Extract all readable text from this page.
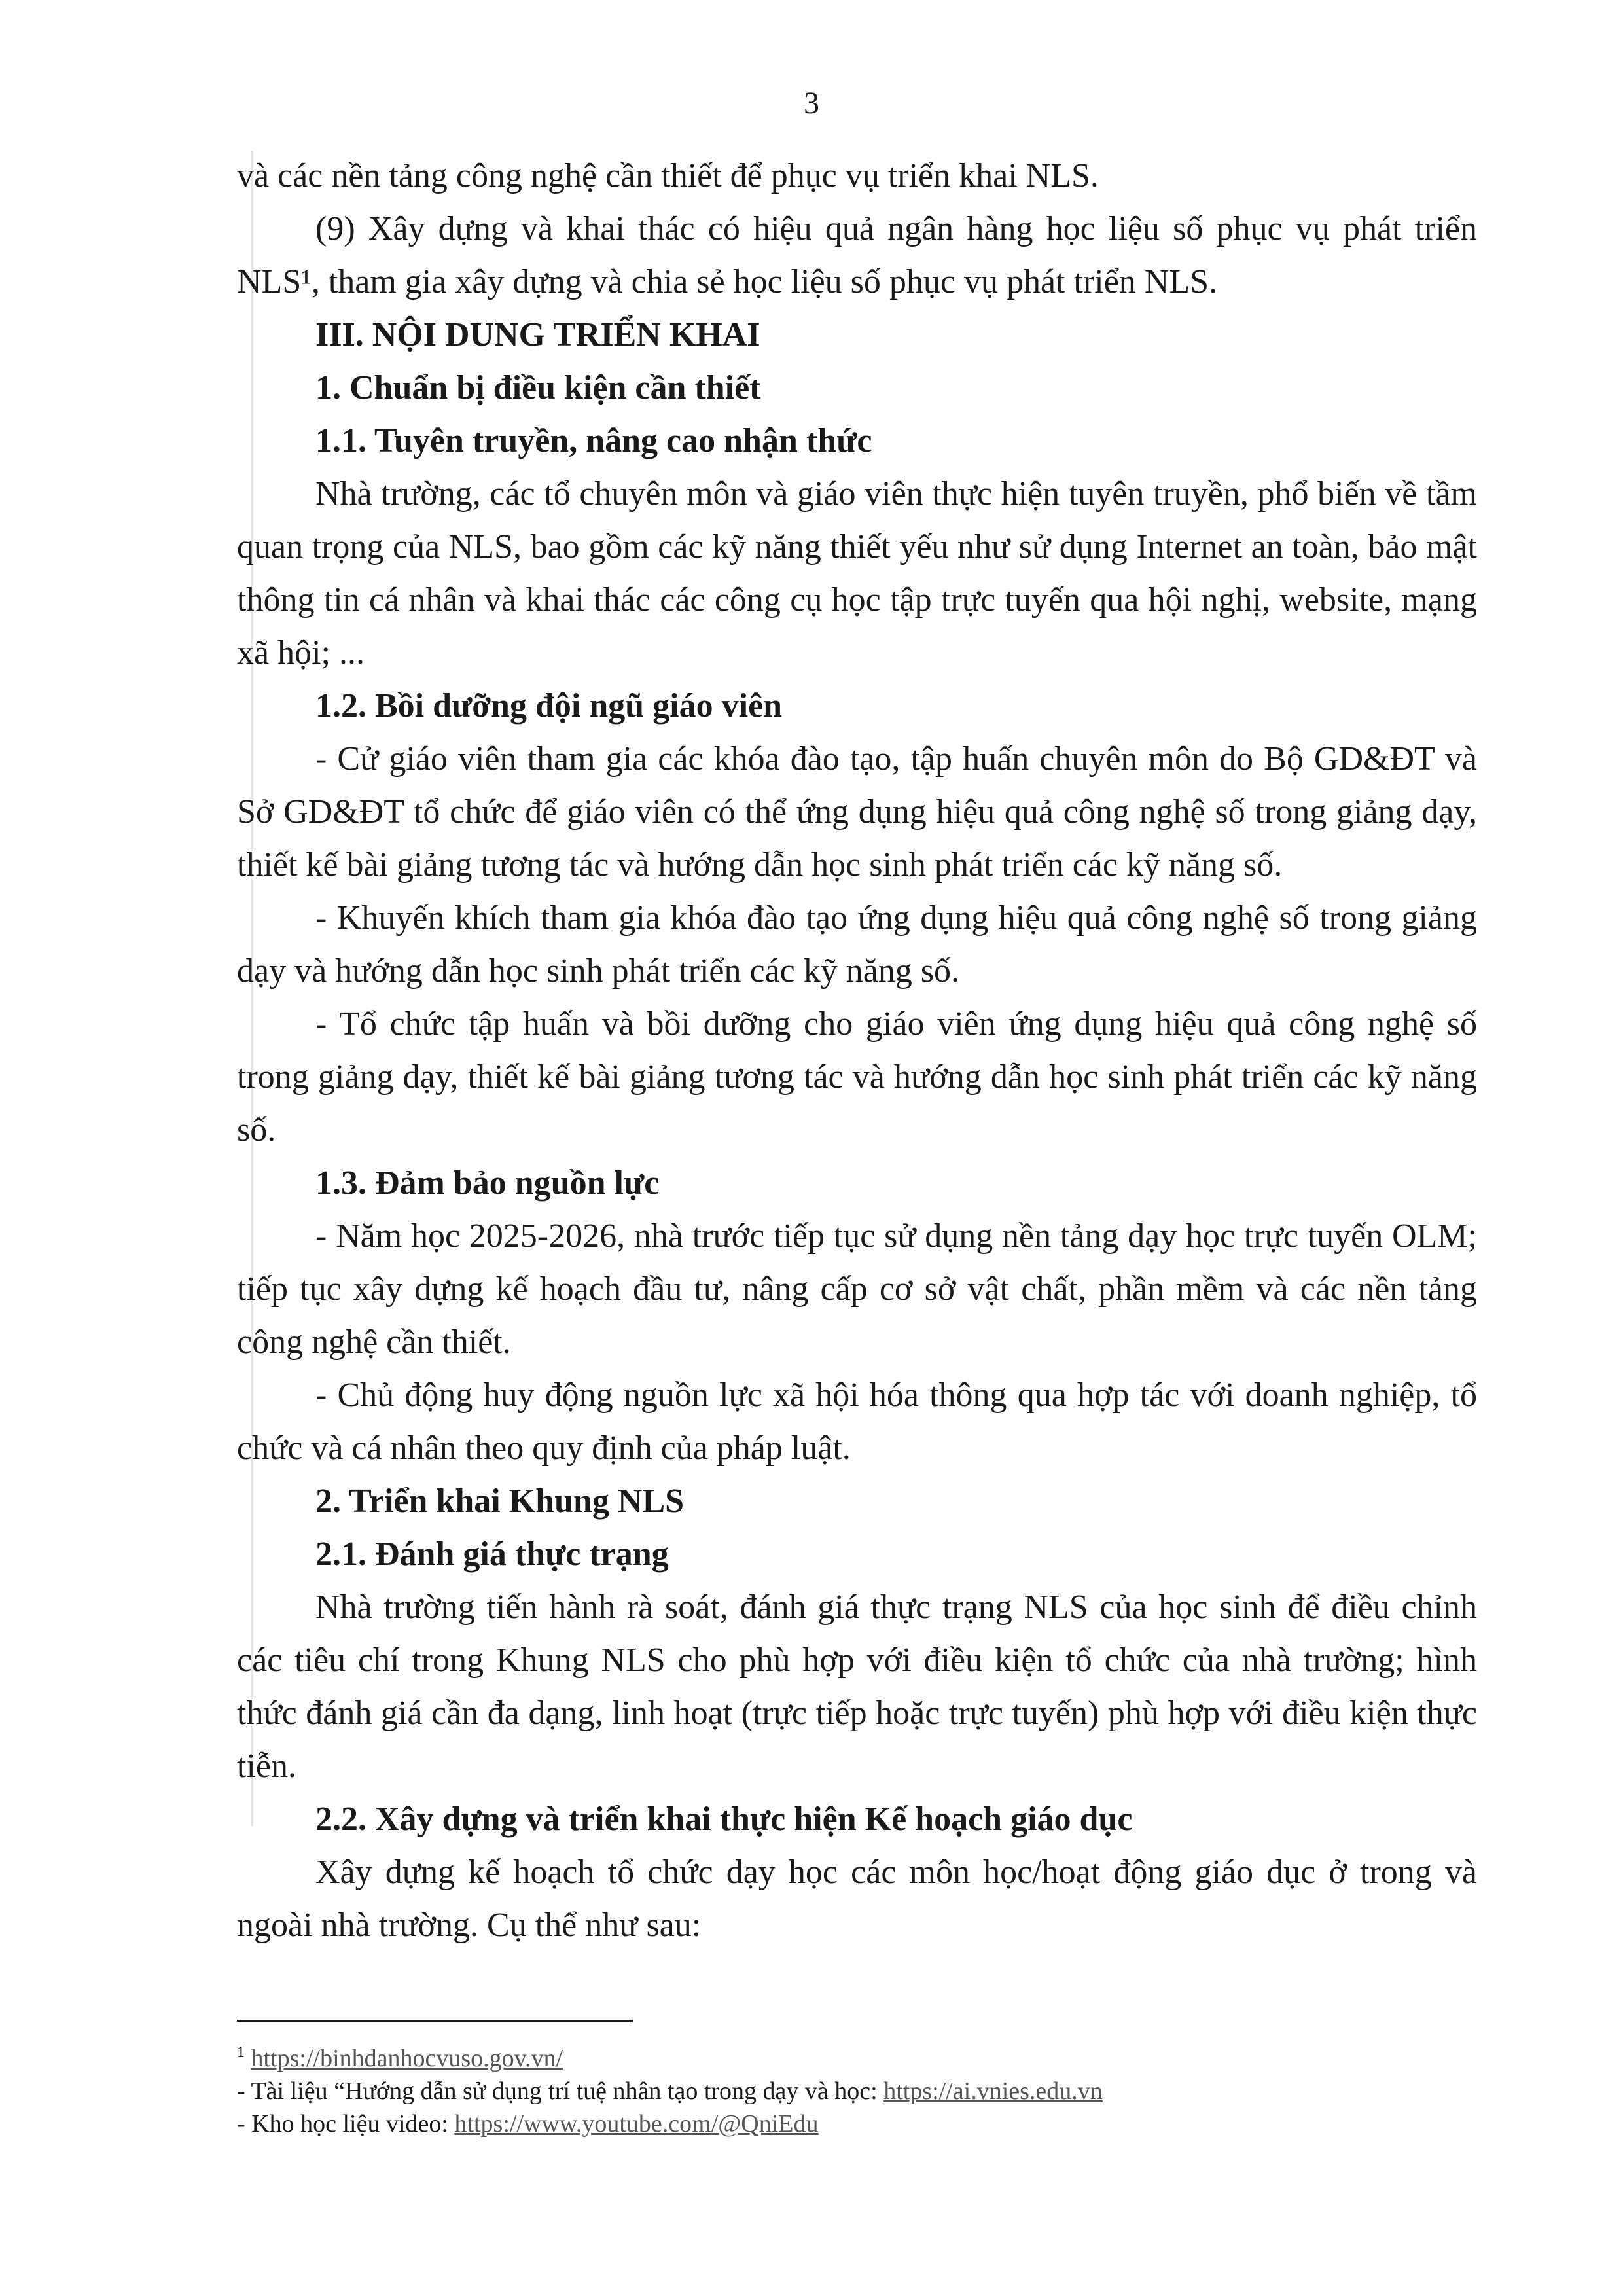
3

và các nền tảng công nghệ cần thiết để phục vụ triển khai NLS.

(9) Xây dựng và khai thác có hiệu quả ngân hàng học liệu số phục vụ phát triển NLS¹, tham gia xây dựng và chia sẻ học liệu số phục vụ phát triển NLS.

III. NỘI DUNG TRIỂN KHAI

1. Chuẩn bị điều kiện cần thiết

1.1. Tuyên truyền, nâng cao nhận thức

Nhà trường, các tổ chuyên môn và giáo viên thực hiện tuyên truyền, phổ biến về tầm quan trọng của NLS, bao gồm các kỹ năng thiết yếu như sử dụng Internet an toàn, bảo mật thông tin cá nhân và khai thác các công cụ học tập trực tuyến qua hội nghị, website, mạng xã hội; ...

1.2. Bồi dưỡng đội ngũ giáo viên

- Cử giáo viên tham gia các khóa đào tạo, tập huấn chuyên môn do Bộ GD&ĐT và Sở GD&ĐT tổ chức để giáo viên có thể ứng dụng hiệu quả công nghệ số trong giảng dạy, thiết kế bài giảng tương tác và hướng dẫn học sinh phát triển các kỹ năng số.

- Khuyến khích tham gia khóa đào tạo ứng dụng hiệu quả công nghệ số trong giảng dạy và hướng dẫn học sinh phát triển các kỹ năng số.

- Tổ chức tập huấn và bồi dưỡng cho giáo viên ứng dụng hiệu quả công nghệ số trong giảng dạy, thiết kế bài giảng tương tác và hướng dẫn học sinh phát triển các kỹ năng số.

1.3. Đảm bảo nguồn lực

- Năm học 2025-2026, nhà trước tiếp tục sử dụng nền tảng dạy học trực tuyến OLM; tiếp tục xây dựng kế hoạch đầu tư, nâng cấp cơ sở vật chất, phần mềm và các nền tảng công nghệ cần thiết.

- Chủ động huy động nguồn lực xã hội hóa thông qua hợp tác với doanh nghiệp, tổ chức và cá nhân theo quy định của pháp luật.

2. Triển khai Khung NLS

2.1. Đánh giá thực trạng

Nhà trường tiến hành rà soát, đánh giá thực trạng NLS của học sinh để điều chỉnh các tiêu chí trong Khung NLS cho phù hợp với điều kiện tổ chức của nhà trường; hình thức đánh giá cần đa dạng, linh hoạt (trực tiếp hoặc trực tuyến) phù hợp với điều kiện thực tiễn.

2.2. Xây dựng và triển khai thực hiện Kế hoạch giáo dục

Xây dựng kế hoạch tổ chức dạy học các môn học/hoạt động giáo dục ở trong và ngoài nhà trường. Cụ thể như sau:

$^1$ https://binhdanhocvuso.gov.vn/

- Tài liệu “Hướng dẫn sử dụng trí tuệ nhân tạo trong dạy và học: https://ai.vnies.edu.vn

- Kho học liệu video: https://www.youtube.com/@QniEdu
